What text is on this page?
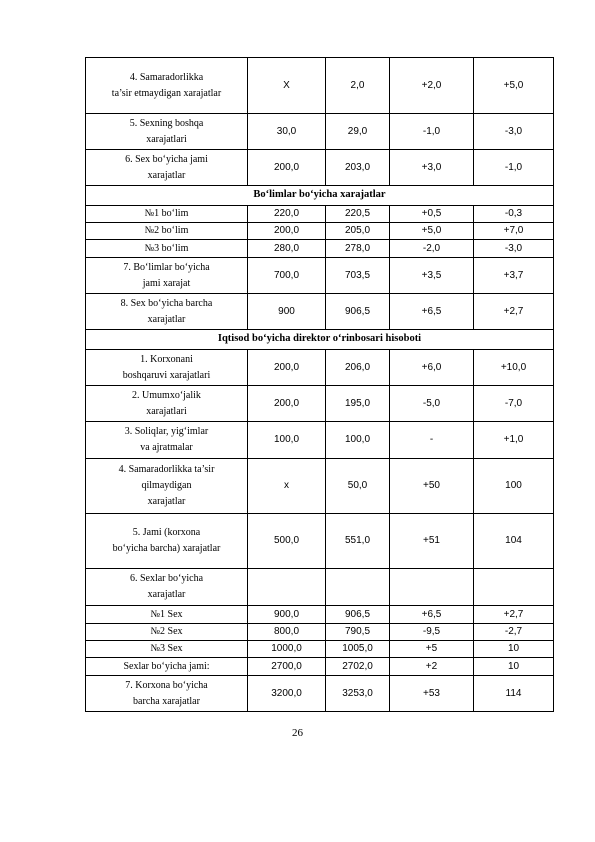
4. Samaradorlikka
ta’sir etmaydigan xarajatlar	X	2,0	+2,0	+5,0

5. Sexning boshqa
xarajatlari	30,0	29,0	-1,0	-3,0

6. Sex bo‘yicha jami
xarajatlar	200,0	203,0	+3,0	-1,0
Bo‘limlar bo‘yicha xarajatlar				

№1 bo‘lim	220,0	220,5	+0,5	-0,3

№2 bo‘lim	200,0	205,0	+5,0	+7,0

№3 bo‘lim	280,0	278,0	-2,0	-3,0

7. Bo‘limlar bo‘yicha
jami xarajat	700,0	703,5	+3,5	+3,7

8. Sex bo‘yicha barcha
xarajatlar	900	906,5	+6,5	+2,7
Iqtisod bo‘yicha direktor o‘rinbosari hisoboti				

1. Korxonani
boshqaruvi xarajatlari	200,0	206,0	+6,0	+10,0

2. Umumxo‘jalik
xarajatlari	200,0	195,0	-5,0	-7,0

3. Soliqlar, yig‘imlar
va ajratmalar	100,0	100,0	-	+1,0

4. Samaradorlikka ta’sir
qilmaydigan
xarajatlar	x	50,0	+50	100

5. Jami (korxona
bo‘yicha barcha) xarajatlar	500,0	551,0	+51	104

6. Sexlar bo‘yicha
xarajatlar				

№1 Sex	900,0	906,5	+6,5	+2,7

№2 Sex	800,0	790,5	-9,5	-2,7

№3 Sex	1000,0	1005,0	+5	10

Sexlar bo‘yicha jami:	2700,0	2702,0	+2	10

7. Korxona bo‘yicha
barcha xarajatlar	3200,0	3253,0	+53	114
26
